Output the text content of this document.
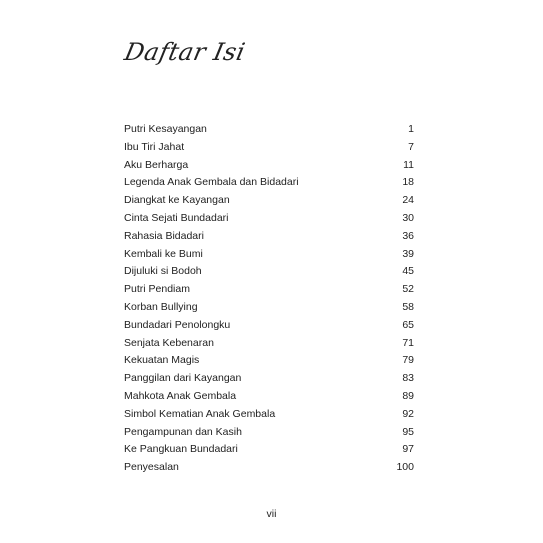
Daftar Isi
Putri Kesayangan	1
Ibu Tiri Jahat	7
Aku Berharga	11
Legenda Anak Gembala dan Bidadari	18
Diangkat ke Kayangan	24
Cinta Sejati Bundadari	30
Rahasia Bidadari	36
Kembali ke Bumi	39
Dijuluki si Bodoh	45
Putri Pendiam	52
Korban Bullying	58
Bundadari Penolongku	65
Senjata Kebenaran	71
Kekuatan Magis	79
Panggilan dari Kayangan	83
Mahkota Anak Gembala	89
Simbol Kematian Anak Gembala	92
Pengampunan dan Kasih	95
Ke Pangkuan Bundadari	97
Penyesalan	100
vii
